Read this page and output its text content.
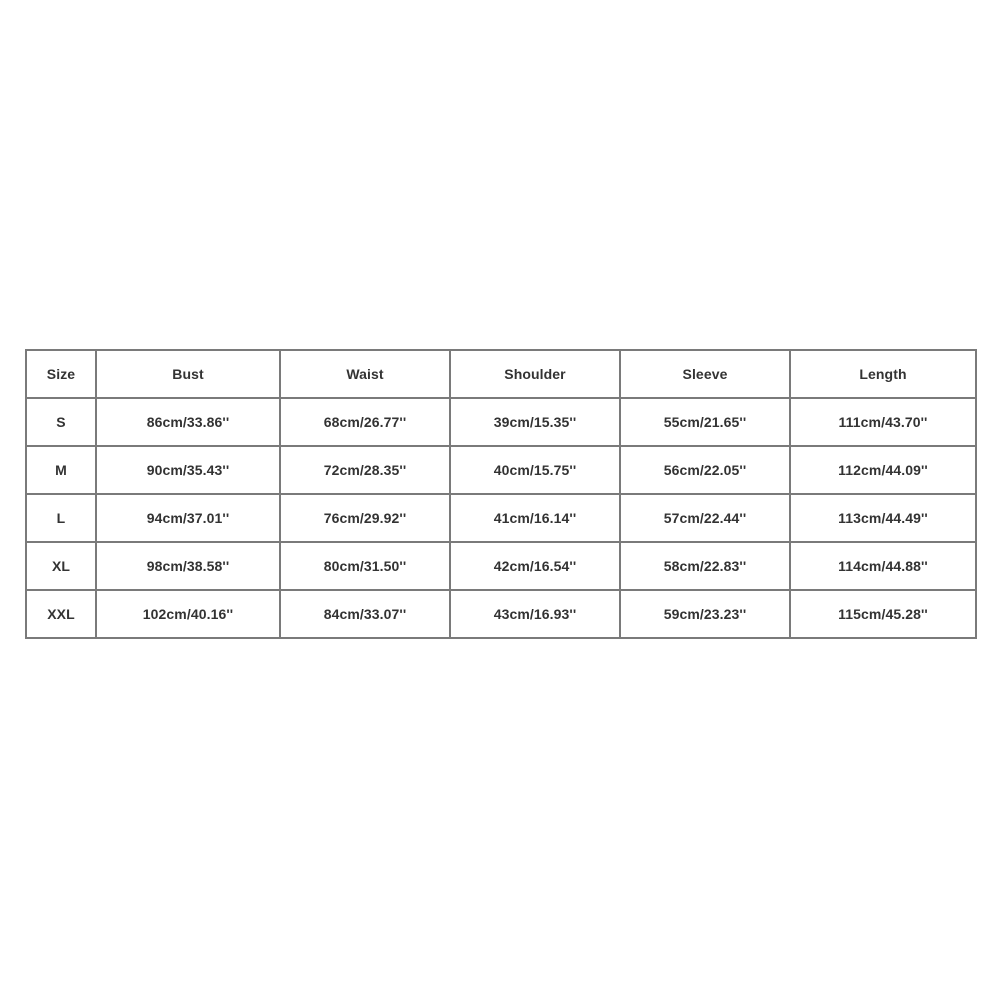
Size	Bust	Waist	Shoulder	Sleeve	Length
S	86cm/33.86''	68cm/26.77''	39cm/15.35''	55cm/21.65''	111cm/43.70''
M	90cm/35.43''	72cm/28.35''	40cm/15.75''	56cm/22.05''	112cm/44.09''
L	94cm/37.01''	76cm/29.92''	41cm/16.14''	57cm/22.44''	113cm/44.49''
XL	98cm/38.58''	80cm/31.50''	42cm/16.54''	58cm/22.83''	114cm/44.88''
XXL	102cm/40.16''	84cm/33.07''	43cm/16.93''	59cm/23.23''	115cm/45.28''
